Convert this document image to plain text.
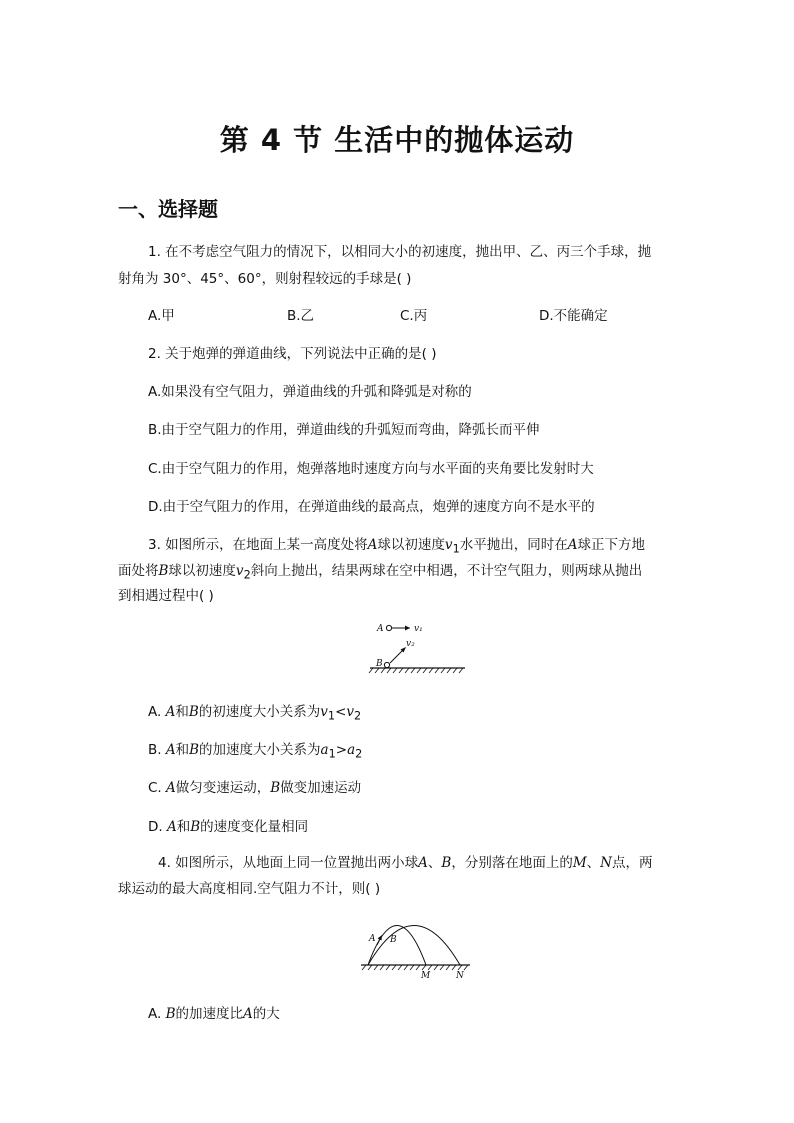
第 4 节 生活中的抛体运动
一、选择题
1. 在不考虑空气阻力的情况下，以相同大小的初速度，抛出甲、乙、丙三个手球，抛
射角为 30°、45°、60°，则射程较远的手球是( )
A.甲	B.乙	C.丙	D.不能确定
2. 关于炮弹的弹道曲线，下列说法中正确的是( )
A.如果没有空气阻力，弹道曲线的升弧和降弧是对称的
B.由于空气阻力的作用，弹道曲线的升弧短而弯曲，降弧长而平伸
C.由于空气阻力的作用，炮弹落地时速度方向与水平面的夹角要比发射时大
D.由于空气阻力的作用，在弹道曲线的最高点，炮弹的速度方向不是水平的
3. 如图所示，在地面上某一高度处将A球以初速度$v_1$水平抛出，同时在A球正下方地
面处将B球以初速度$v_2$斜向上抛出，结果两球在空中相遇，不计空气阻力，则两球从抛出
到相遇过程中( )
A	v₁
v₂
B
A. A和B的初速度大小关系为$v_1<v_2$
B. A和B的加速度大小关系为$a_1>a_2$
C. A做匀变速运动，B做变加速运动
D. A和B的速度变化量相同
4. 如图所示，从地面上同一位置抛出两小球A、B，分别落在地面上的M、N点，两
球运动的最大高度相同.空气阻力不计，则( )
A B
M	N
A. B的加速度比A的大
